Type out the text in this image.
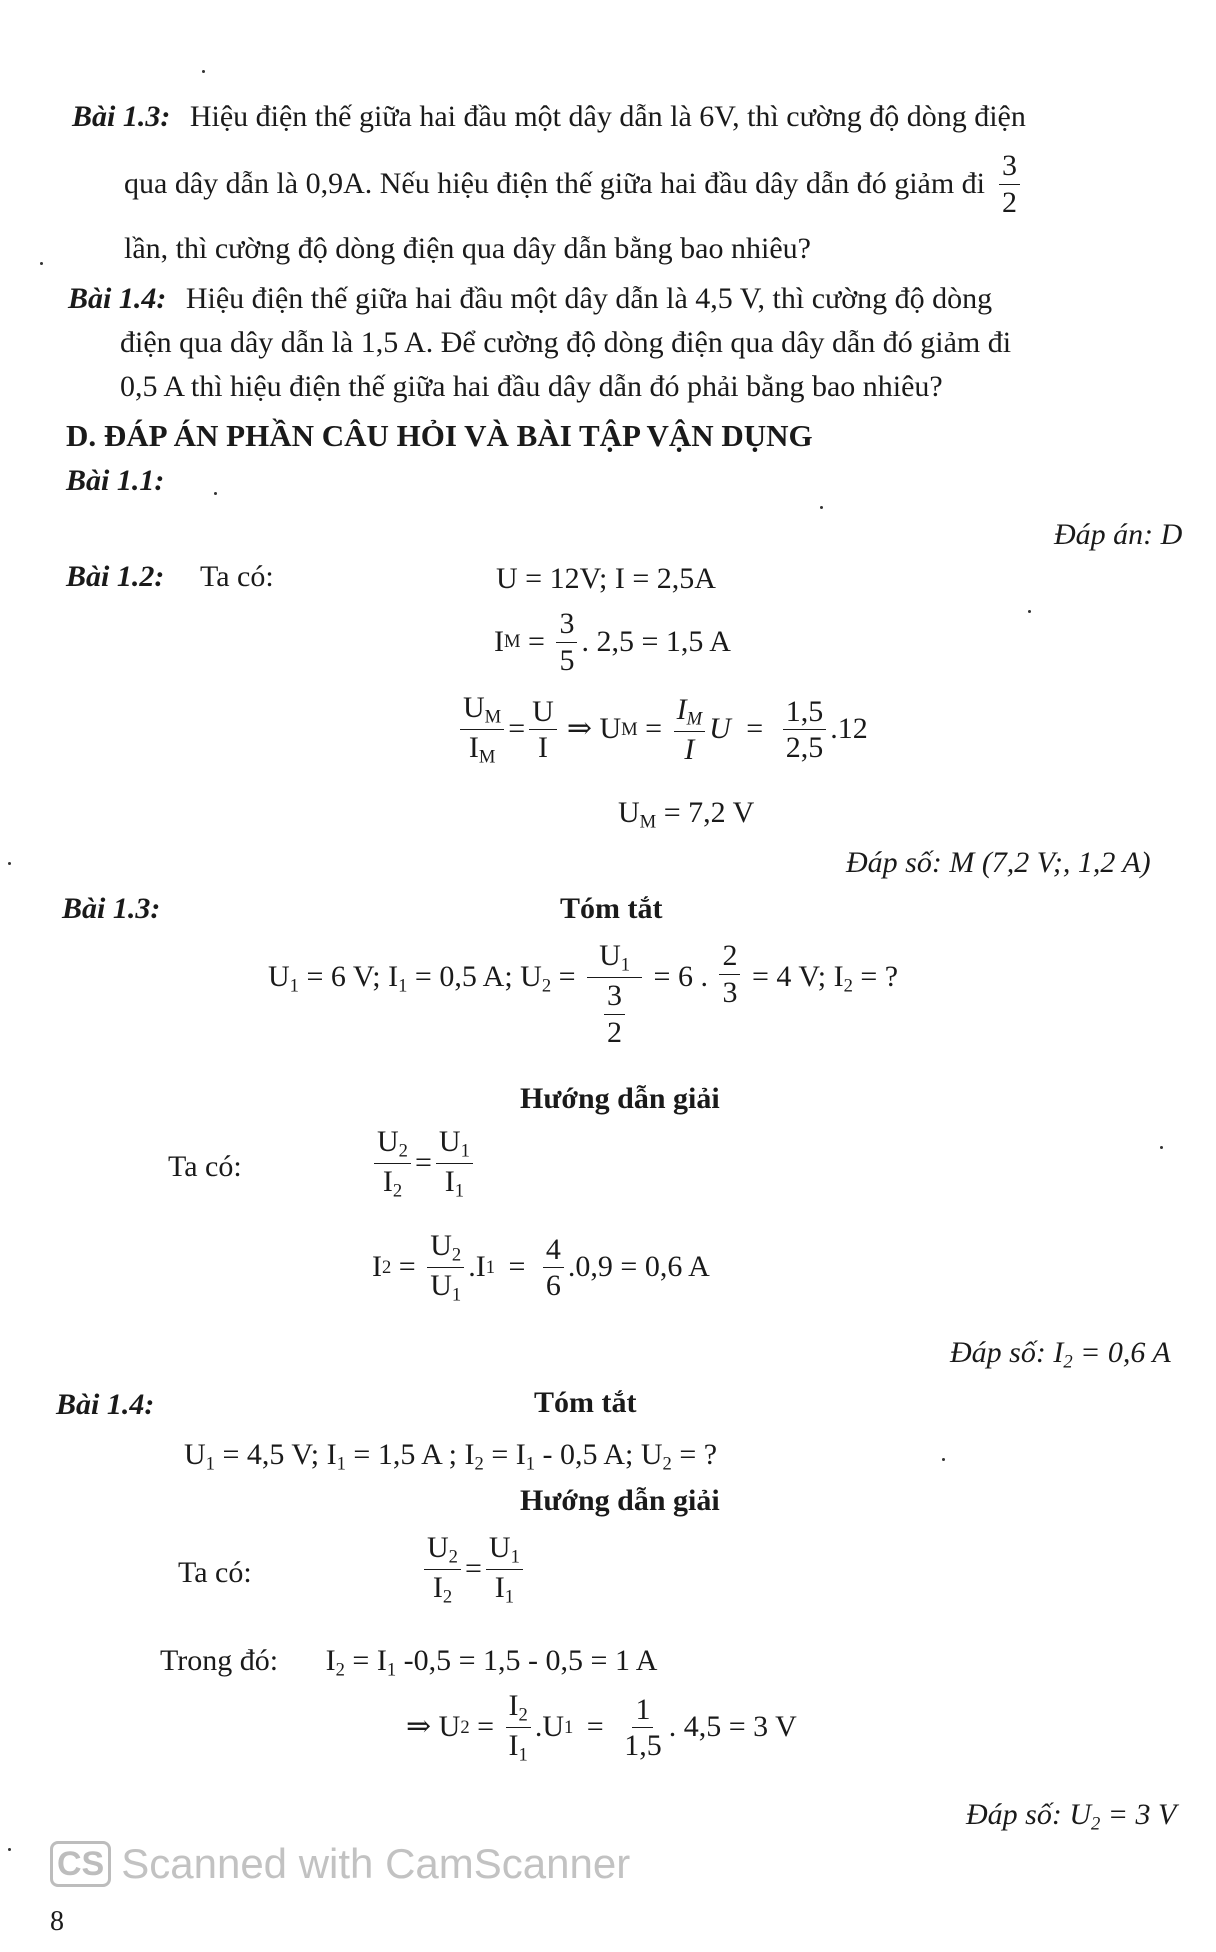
Bài 1.3: Hiệu điện thế giữa hai đầu một dây dẫn là 6V, thì cường độ dòng điện
qua dây dẫn là 0,9A. Nếu hiệu điện thế giữa hai đầu dây dẫn đó giảm đi $\frac{3}{2}$
lần, thì cường độ dòng điện qua dây dẫn bằng bao nhiêu?
Bài 1.4: Hiệu điện thế giữa hai đầu một dây dẫn là 4,5 V, thì cường độ dòng
điện qua dây dẫn là 1,5 A. Để cường độ dòng điện qua dây dẫn đó giảm đi
0,5 A thì hiệu điện thế giữa hai đầu dây dẫn đó phải bằng bao nhiêu?
D. ĐÁP ÁN PHẦN CÂU HỎI VÀ BÀI TẬP VẬN DỤNG
Bài 1.1:
Đáp án: D
Bài 1.2: Ta có:	U = 12V; I = 2,5A
I $M = \frac{3}{5}$ . 2,5 = 1,5 A
$\frac{U_M}{I_M} = \frac{U}{I}$ ⇒ U $M = \frac{I_M}{I}$ $U = \frac{1,5}{2,5} .12$
$U_M = 7,2$ V
Đáp số: M (7,2 V;, 1,2 A)
Bài 1.3:	Tóm tắt
$U_1 = 6$ V; $I_1 = 0,5$ A; $U_2 = \frac{U_1}{\frac{3}{2}} = 6$ . $\frac{2}{3} = 4$ V; $I_2$ = ?
Hướng dẫn giải
Ta có:	$\frac{U_2}{I_2} = \frac{U_1}{I_1}$
I $2 = \frac{U_2}{U_1} .I$ $1 = \frac{4}{6} .0,9 = 0,6$ A
Đáp số: $I_2 = 0,6$ A
Bài 1.4:	Tóm tắt
$U_1 = 4,5$ V; $I_1 = 1,5$ A ; $I_2 = I_1 - 0,5$ A; $U_2$ = ?
Hướng dẫn giải
Ta có:	$\frac{U_2}{I_2} = \frac{U_1}{I_1}$
Trong đó: $I_2 = I_1$ -0,5 = 1,5 - 0,5 = 1 A
⇒ U $2 = \frac{I_2}{I_1} .U$ $1 = \frac{1}{1,5}$ . 4,5 = 3 V
Đáp số: $U_2 = 3$ V
CS Scanned with CamScanner
8
